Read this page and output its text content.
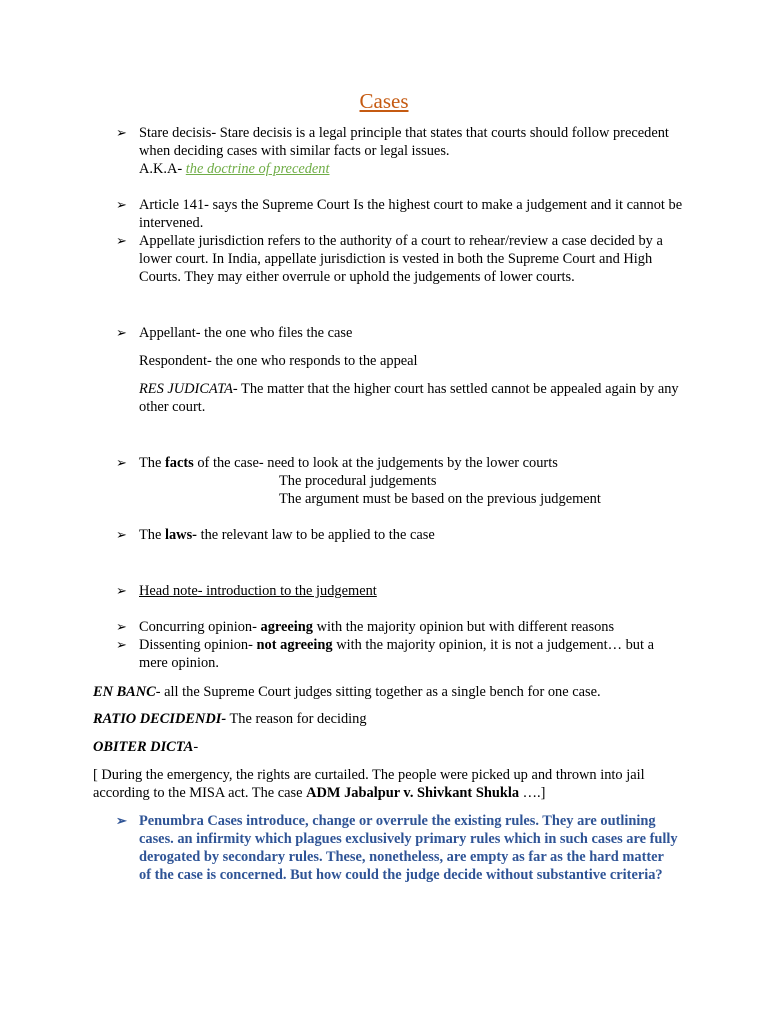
Cases
➢ Stare decisis- Stare decisis is a legal principle that states that courts should follow precedent when deciding cases with similar facts or legal issues.
A.K.A- the doctrine of precedent
➢ Article 141- says the Supreme Court Is the highest court to make a judgement and it cannot be intervened.
➢ Appellate jurisdiction refers to the authority of a court to rehear/review a case decided by a lower court. In India, appellate jurisdiction is vested in both the Supreme Court and High Courts. They may either overrule or uphold the judgements of lower courts.
➢ Appellant- the one who files the case
Respondent- the one who responds to the appeal
RES JUDICATA- The matter that the higher court has settled cannot be appealed again by any other court.
➢ The facts of the case- need to look at the judgements by the lower courts
The procedural judgements
The argument must be based on the previous judgement
➢ The laws- the relevant law to be applied to the case
➢ Head note- introduction to the judgement
➢ Concurring opinion- agreeing with the majority opinion but with different reasons
➢ Dissenting opinion- not agreeing with the majority opinion, it is not a judgement… but a mere opinion.
EN BANC- all the Supreme Court judges sitting together as a single bench for one case.
RATIO DECIDENDI- The reason for deciding
OBITER DICTA-
[ During the emergency, the rights are curtailed. The people were picked up and thrown into jail according to the MISA act. The case ADM Jabalpur v. Shivkant Shukla ….]
➢ Penumbra Cases introduce, change or overrule the existing rules. They are outlining cases. an infirmity which plagues exclusively primary rules which in such cases are fully derogated by secondary rules. These, nonetheless, are empty as far as the hard matter of the case is concerned. But how could the judge decide without substantive criteria?
